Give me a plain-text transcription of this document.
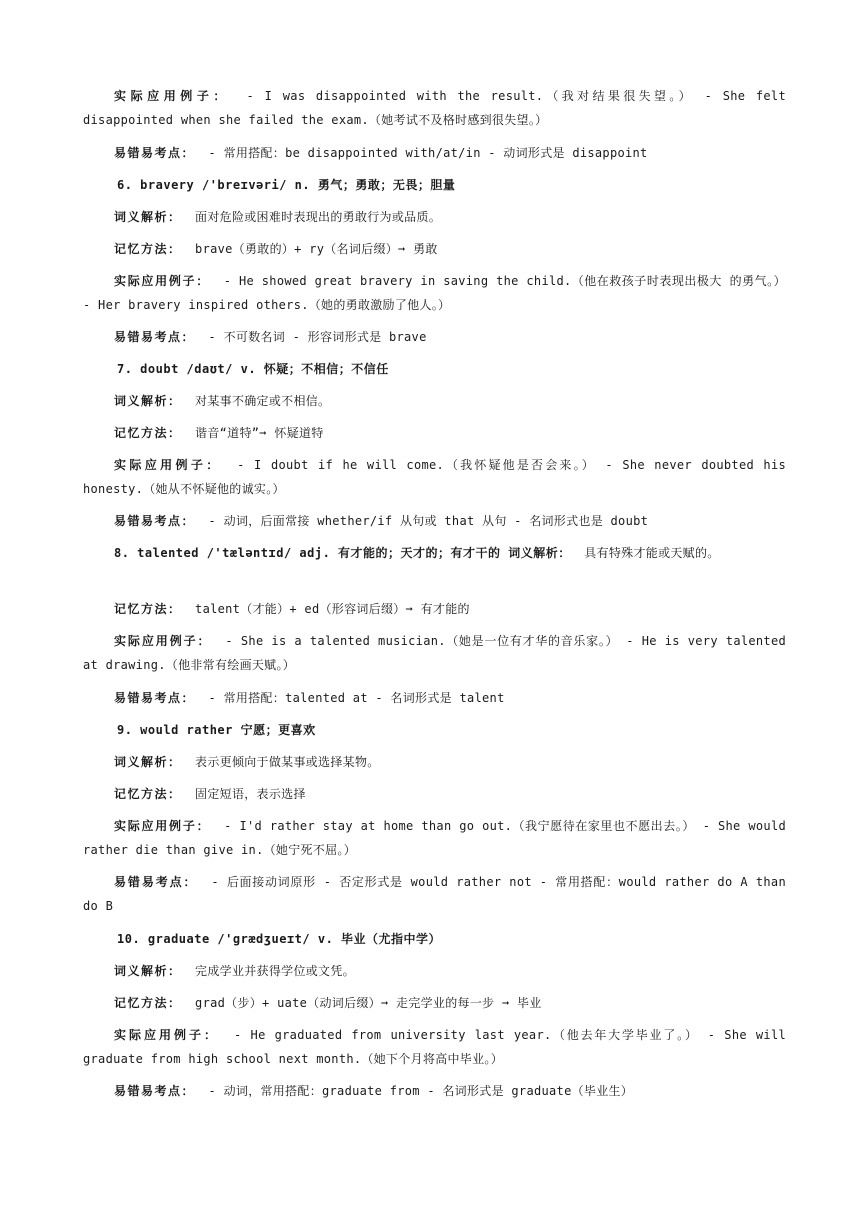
实际应用例子： - I was disappointed with the result.（我对结果很失望。） - She felt disappointed when she failed the exam.（她考试不及格时感到很失望。）

易错易考点： - 常用搭配：be disappointed with/at/in - 动词形式是 disappoint

6. bravery /'breɪvəri/ n. 勇气；勇敢；无畏；胆量

词义解析： 面对危险或困难时表现出的勇敢行为或品质。

记忆方法： brave（勇敢的）+ ry（名词后缀）➞ 勇敢

实际应用例子： - He showed great bravery in saving the child.（他在救孩子时表现出极大 的勇气。） - Her bravery inspired others.（她的勇敢激励了他人。）

易错易考点： - 不可数名词 - 形容词形式是 brave

7. doubt /daʊt/ v. 怀疑；不相信；不信任

词义解析： 对某事不确定或不相信。

记忆方法： 谐音“道特”➞ 怀疑道特

实际应用例子： - I doubt if he will come.（我怀疑他是否会来。） - She never doubted his honesty.（她从不怀疑他的诚实。）

易错易考点： - 动词，后面常接 whether/if 从句或 that 从句 - 名词形式也是 doubt

8. talented /'tæləntɪd/ adj. 有才能的；天才的；有才干的 词义解析： 具有特殊才能或天赋的。

记忆方法： talent（才能）+ ed（形容词后缀）➞ 有才能的

实际应用例子： - She is a talented musician.（她是一位有才华的音乐家。） - He is very talented at drawing.（他非常有绘画天赋。）

易错易考点： - 常用搭配：talented at - 名词形式是 talent

9. would rather 宁愿；更喜欢

词义解析： 表示更倾向于做某事或选择某物。

记忆方法： 固定短语，表示选择

实际应用例子： - I'd rather stay at home than go out.（我宁愿待在家里也不愿出去。） - She would rather die than give in.（她宁死不屈。）

易错易考点： - 后面接动词原形 - 否定形式是 would rather not - 常用搭配：would rather do A than do B

10. graduate /'grædʒueɪt/ v. 毕业（尤指中学）

词义解析： 完成学业并获得学位或文凭。

记忆方法： grad（步）+ uate（动词后缀）➞ 走完学业的每一步 ➞ 毕业

实际应用例子： - He graduated from university last year.（他去年大学毕业了。） - She will graduate from high school next month.（她下个月将高中毕业。）

易错易考点： - 动词，常用搭配：graduate from - 名词形式是 graduate（毕业生）
